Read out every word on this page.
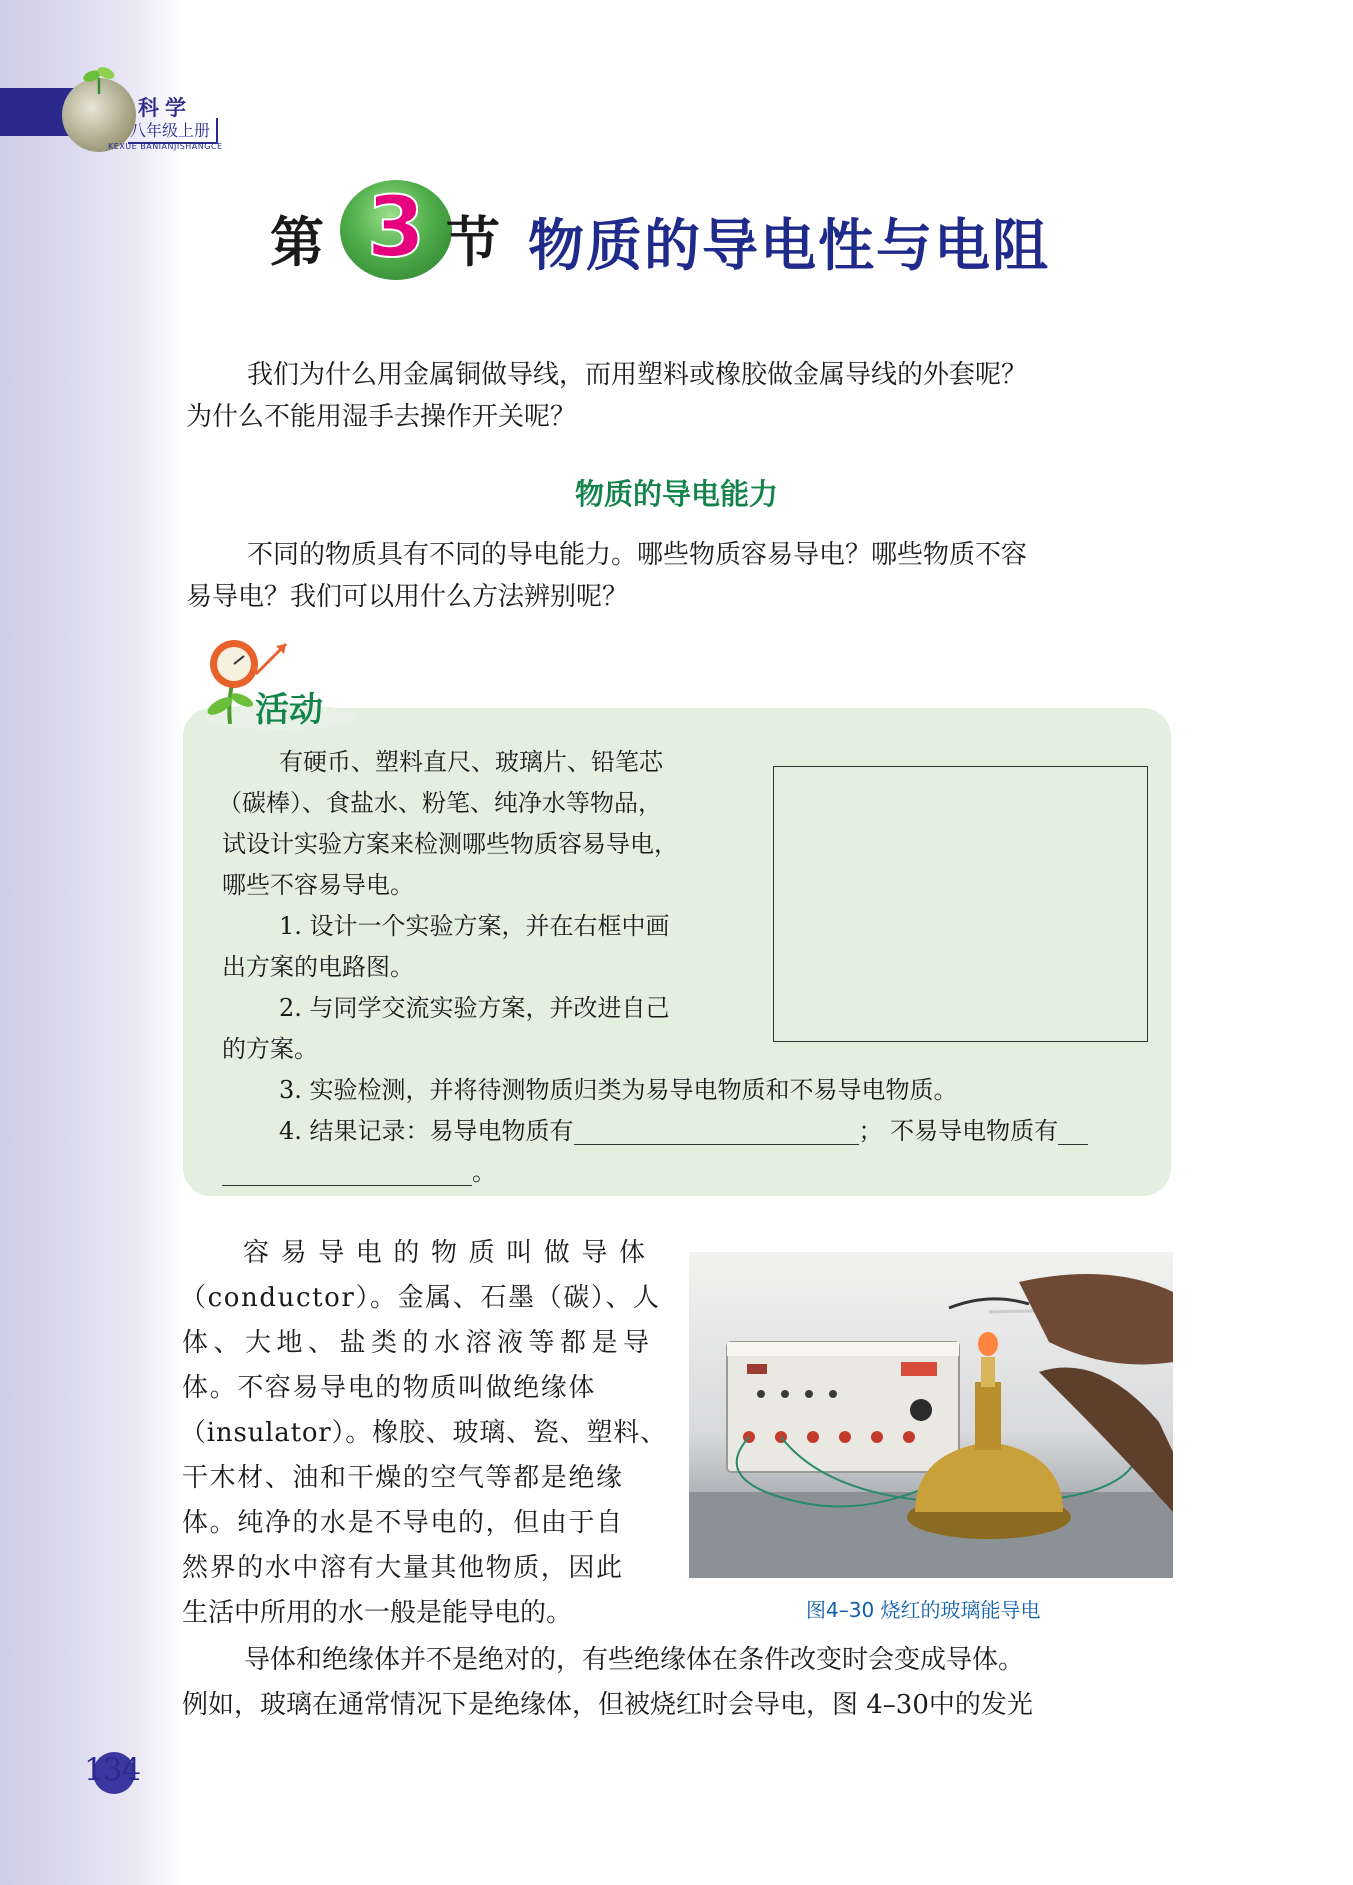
科学
八年级上册
KEXUE BANIANJISHANGCE
第 3 节 物质的导电性与电阻
我们为什么用金属铜做导线，而用塑料或橡胶做金属导线的外套呢？
为什么不能用湿手去操作开关呢？
物质的导电能力
不同的物质具有不同的导电能力。哪些物质容易导电？哪些物质不容
易导电？我们可以用什么方法辨别呢？
活动
有硬币、塑料直尺、玻璃片、铅笔芯
（碳棒）、食盐水、粉笔、纯净水等物品，
试设计实验方案来检测哪些物质容易导电，
哪些不容易导电。
1. 设计一个实验方案，并在右框中画
出方案的电路图。
2. 与同学交流实验方案，并改进自己
的方案。
3. 实验检测，并将待测物质归类为易导电物质和不易导电物质。
4. 结果记录：易导电物质有	； 不易导电物质有
。
容易导电的物质叫做导体
（conductor）。金属、石墨（碳）、人
体、大地、盐类的水溶液等都是导
体。不容易导电的物质叫做绝缘体
（insulator）。橡胶、玻璃、瓷、塑料、
干木材、油和干燥的空气等都是绝缘
体。纯净的水是不导电的，但由于自
然界的水中溶有大量其他物质，因此
生活中所用的水一般是能导电的。	图4–30 烧红的玻璃能导电
导体和绝缘体并不是绝对的，有些绝缘体在条件改变时会变成导体。
例如，玻璃在通常情况下是绝缘体，但被烧红时会导电，图 4–30中的发光
134
